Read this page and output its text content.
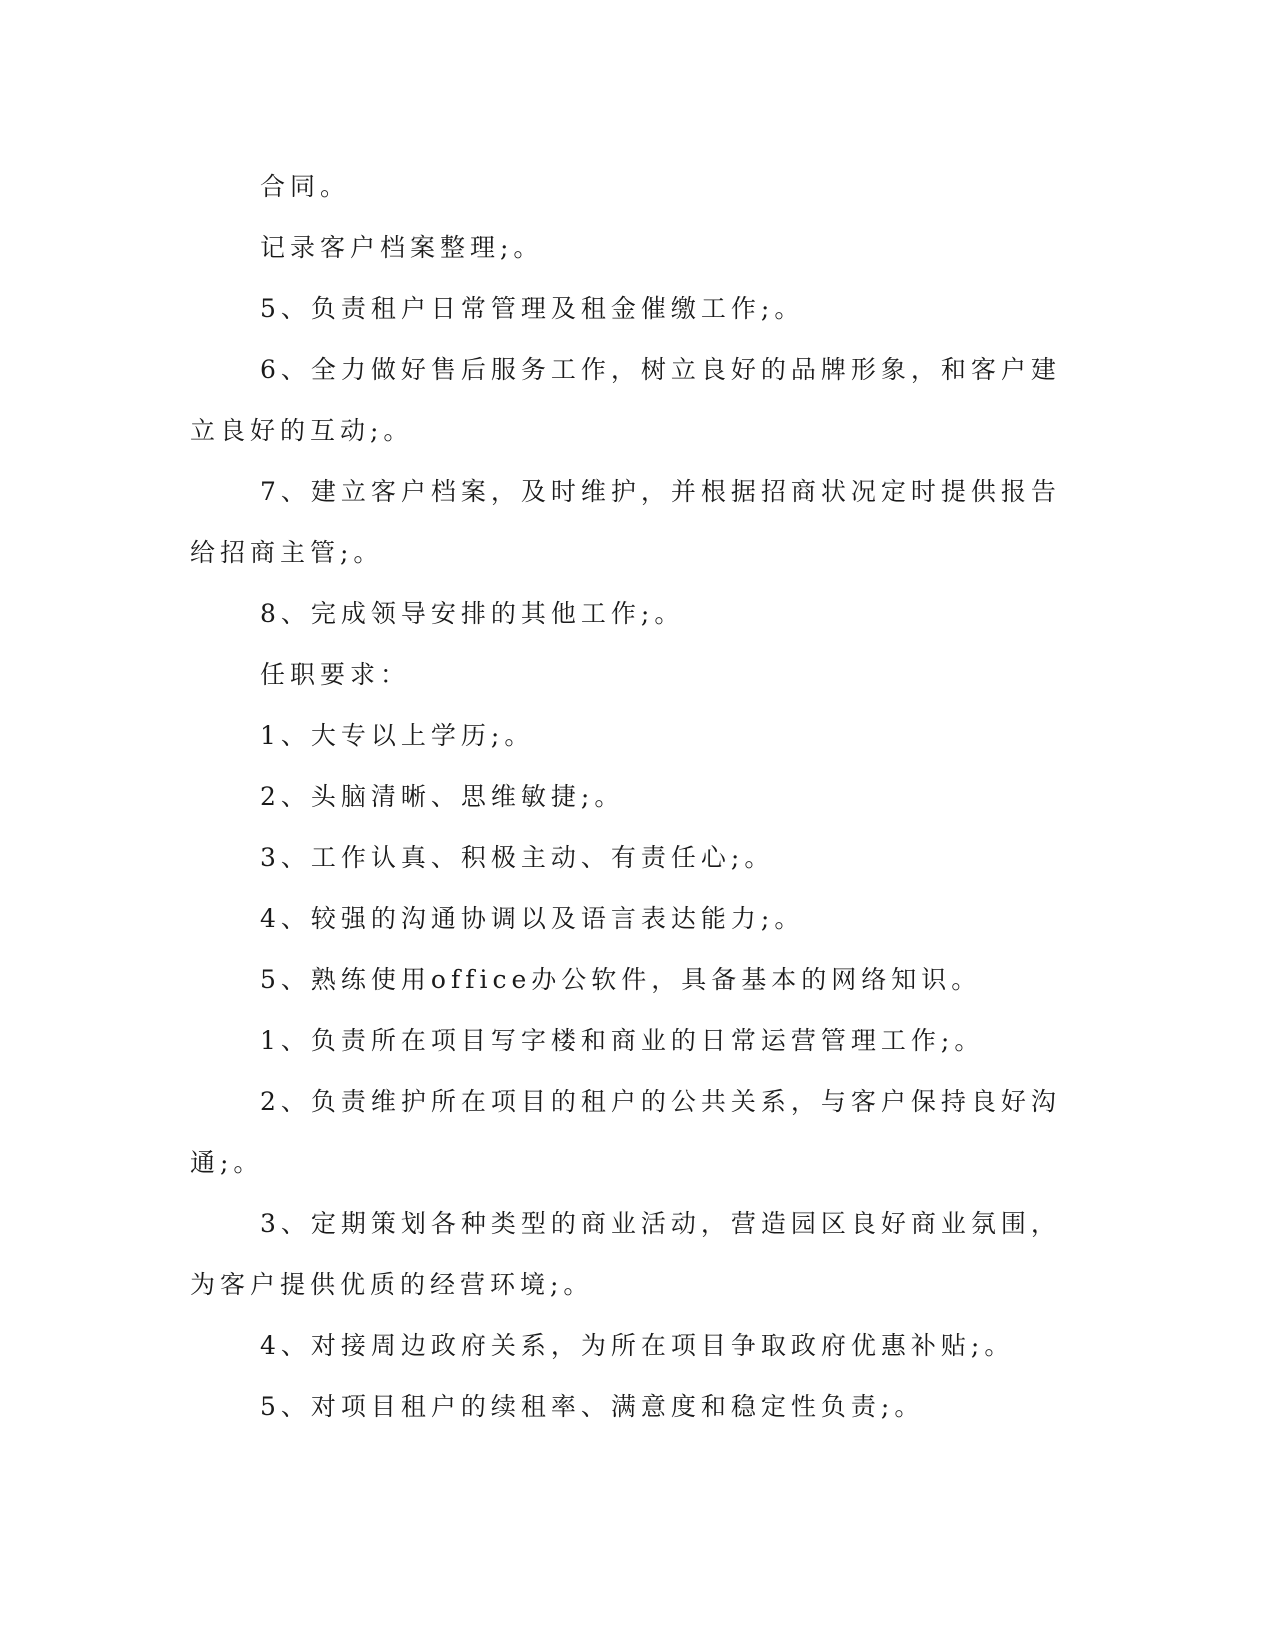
合同。

记录客户档案整理;。

5、负责租户日常管理及租金催缴工作;。

6、全力做好售后服务工作，树立良好的品牌形象，和客户建立良好的互动;。

7、建立客户档案，及时维护，并根据招商状况定时提供报告给招商主管;。

8、完成领导安排的其他工作;。

任职要求：

1、大专以上学历;。

2、头脑清晰、思维敏捷;。

3、工作认真、积极主动、有责任心;。

4、较强的沟通协调以及语言表达能力;。

5、熟练使用office办公软件，具备基本的网络知识。

1、负责所在项目写字楼和商业的日常运营管理工作;。

2、负责维护所在项目的租户的公共关系，与客户保持良好沟通;。

3、定期策划各种类型的商业活动，营造园区良好商业氛围，为客户提供优质的经营环境;。

4、对接周边政府关系，为所在项目争取政府优惠补贴;。

5、对项目租户的续租率、满意度和稳定性负责;。
